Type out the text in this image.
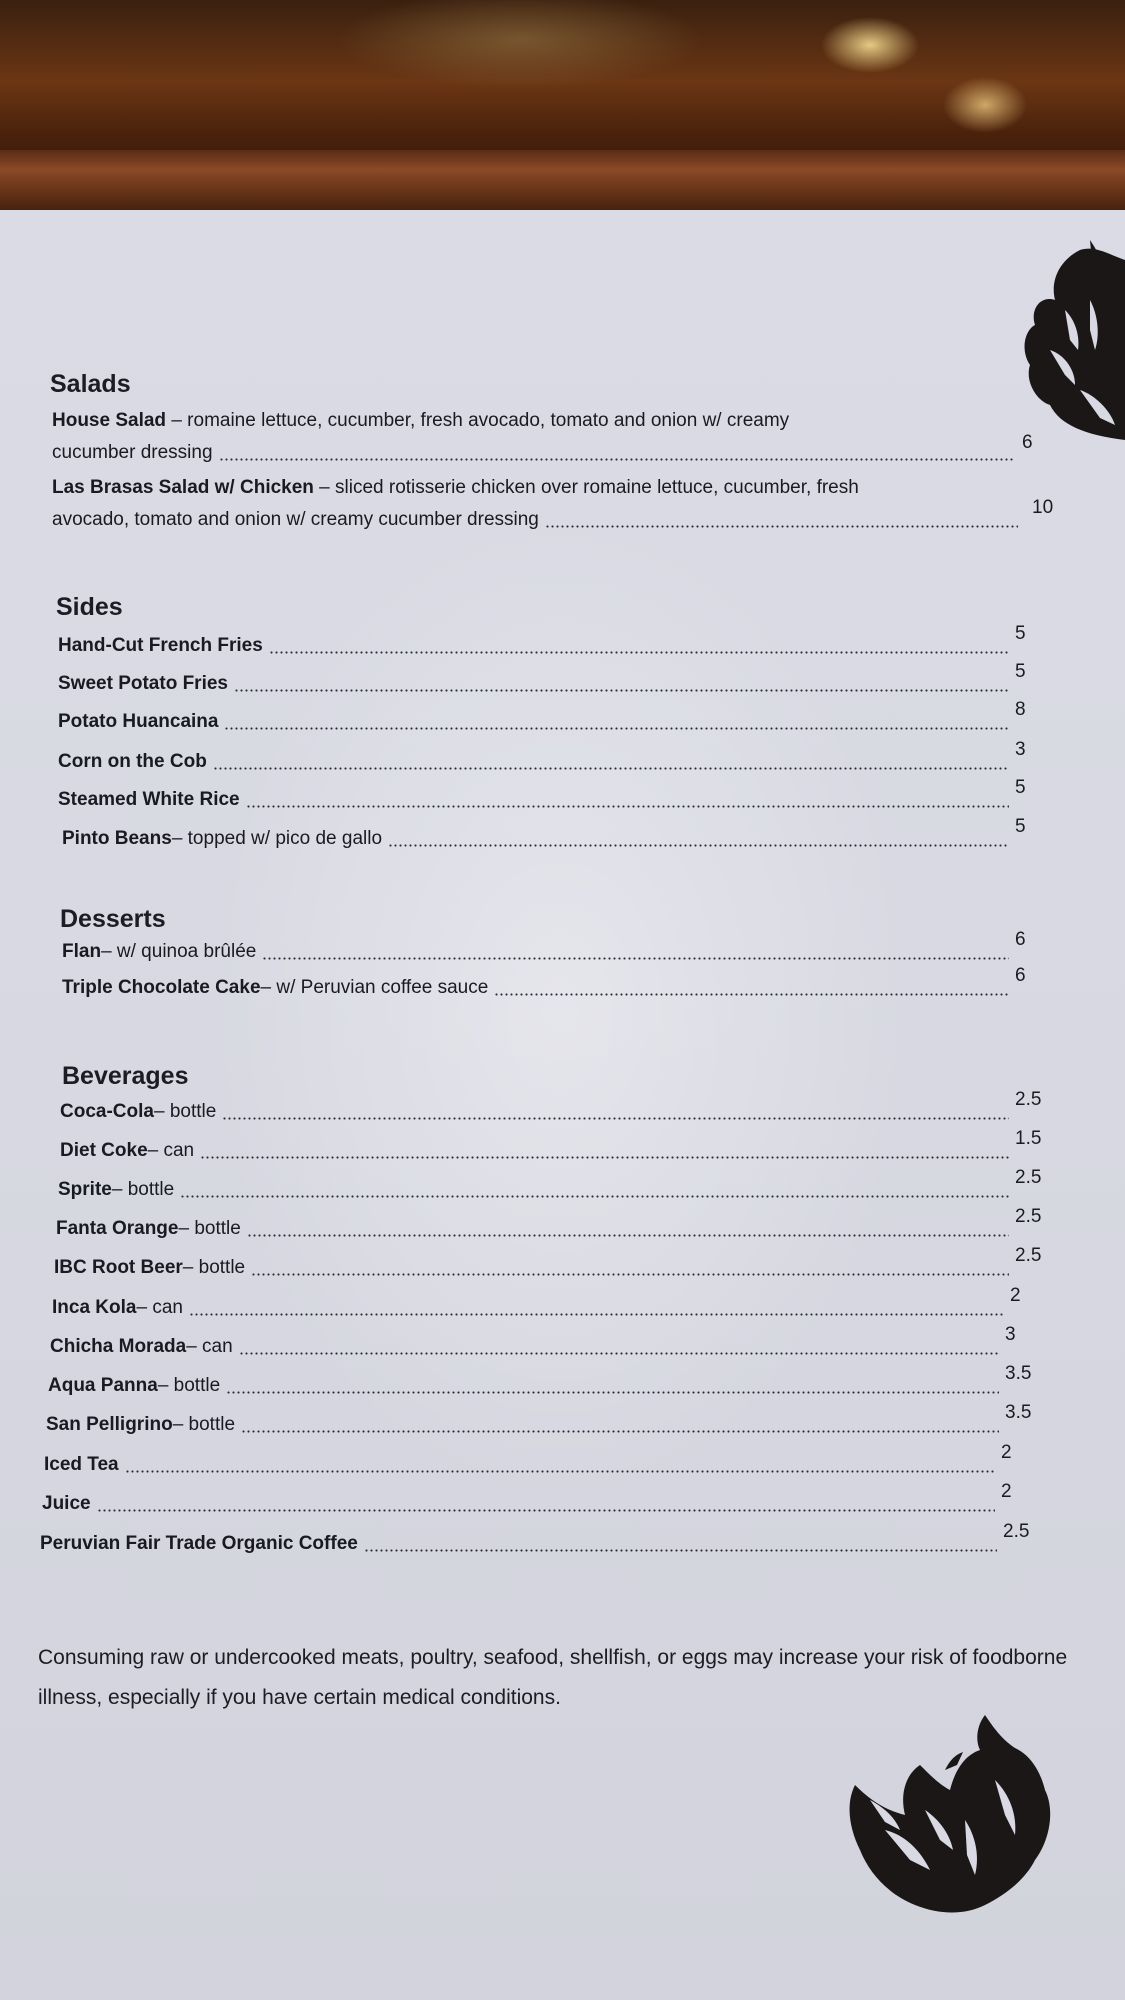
Salads
House Salad – romaine lettuce, cucumber, fresh avocado, tomato and onion w/ creamy
cucumber dressing	6
Las Brasas Salad w/ Chicken – sliced rotisserie chicken over romaine lettuce, cucumber, fresh
avocado, tomato and onion w/ creamy cucumber dressing
10
Sides
Hand-Cut French Fries
5
Sweet Potato Fries
5
Potato Huancaina
8
Corn on the Cob
3
Steamed White Rice
5
Pinto Beans – topped w/ pico de gallo
5
Desserts
Flan – w/ quinoa brûlée
6
Triple Chocolate Cake – w/ Peruvian coffee sauce
6
Beverages
Coca-Cola – bottle
2.5
Diet Coke – can
1.5
Sprite – bottle
2.5
Fanta Orange – bottle
2.5
IBC Root Beer – bottle
2.5
Inca Kola – can
2
Chicha Morada – can
3
Aqua Panna – bottle
3.5
San Pelligrino – bottle
3.5
Iced Tea
2
Juice
2
Peruvian Fair Trade Organic Coffee
2.5

Consuming raw or undercooked meats, poultry, seafood, shellfish, or eggs may increase your risk of foodborne illness, especially if you have certain medical conditions.
